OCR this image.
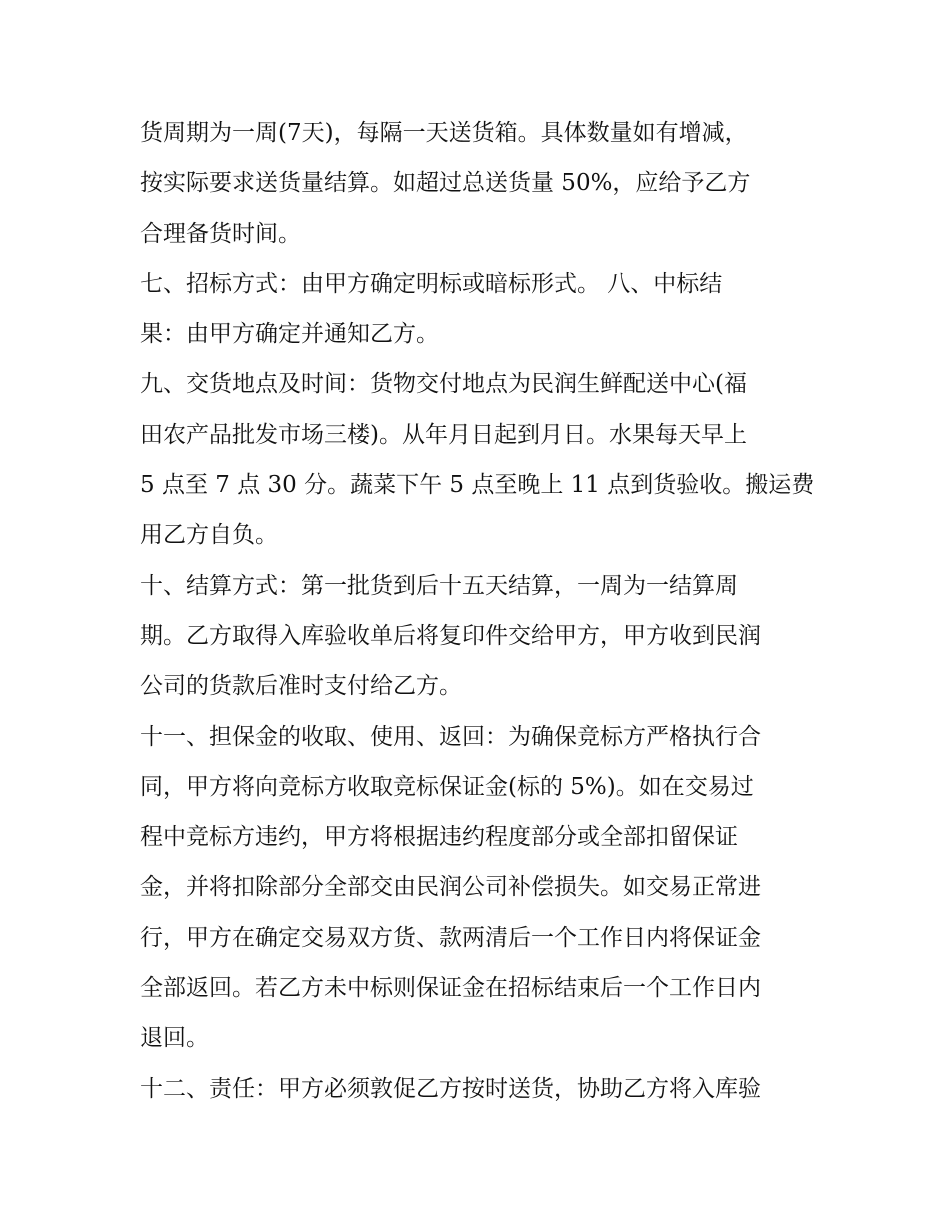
货周期为一周(7天)，每隔一天送货箱。具体数量如有增减，
按实际要求送货量结算。如超过总送货量 50%，应给予乙方
合理备货时间。
七、招标方式：由甲方确定明标或暗标形式。 八、中标结
果：由甲方确定并通知乙方。
九、交货地点及时间：货物交付地点为民润生鲜配送中心(福
田农产品批发市场三楼)。从年月日起到月日。水果每天早上
5 点至 7 点 30 分。蔬菜下午 5 点至晚上 11 点到货验收。搬运费
用乙方自负。
十、结算方式：第一批货到后十五天结算，一周为一结算周
期。乙方取得入库验收单后将复印件交给甲方，甲方收到民润
公司的货款后准时支付给乙方。
十一、担保金的收取、使用、返回：为确保竞标方严格执行合
同，甲方将向竞标方收取竞标保证金(标的 5%)。如在交易过
程中竞标方违约，甲方将根据违约程度部分或全部扣留保证
金，并将扣除部分全部交由民润公司补偿损失。如交易正常进
行，甲方在确定交易双方货、款两清后一个工作日内将保证金
全部返回。若乙方未中标则保证金在招标结束后一个工作日内
退回。
十二、责任：甲方必须敦促乙方按时送货，协助乙方将入库验
